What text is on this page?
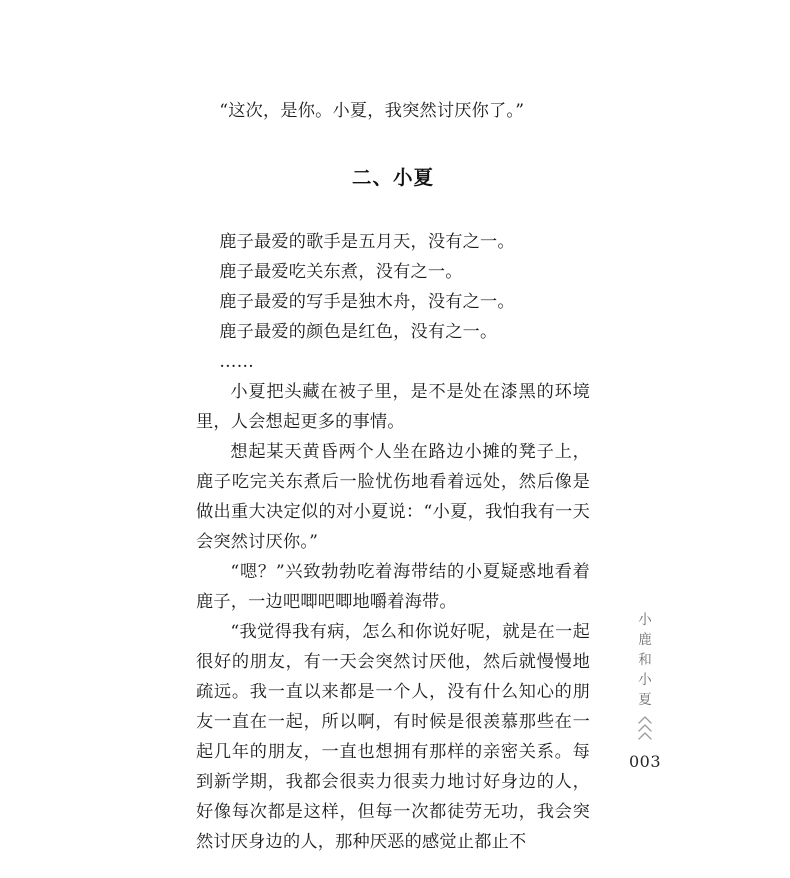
“这次，是你。小夏，我突然讨厌你了。”

二、小夏

鹿子最爱的歌手是五月天，没有之一。

鹿子最爱吃关东煮，没有之一。

鹿子最爱的写手是独木舟，没有之一。

鹿子最爱的颜色是红色，没有之一。

……

小夏把头藏在被子里，是不是处在漆黑的环境里，人会想起更多的事情。

想起某天黄昏两个人坐在路边小摊的凳子上，鹿子吃完关东煮后一脸忧伤地看着远处，然后像是做出重大决定似的对小夏说：“小夏，我怕我有一天会突然讨厌你。”

“嗯？”兴致勃勃吃着海带结的小夏疑惑地看着鹿子，一边吧唧吧唧地嚼着海带。

“我觉得我有病，怎么和你说好呢，就是在一起很好的朋友，有一天会突然讨厌他，然后就慢慢地疏远。我一直以来都是一个人，没有什么知心的朋友一直在一起，所以啊，有时候是很羡慕那些在一起几年的朋友，一直也想拥有那样的亲密关系。每到新学期，我都会很卖力很卖力地讨好身边的人，好像每次都是这样，但每一次都徒劳无功，我会突然讨厌身边的人，那种厌恶的感觉止都止不

小
鹿
和
小
夏
003
